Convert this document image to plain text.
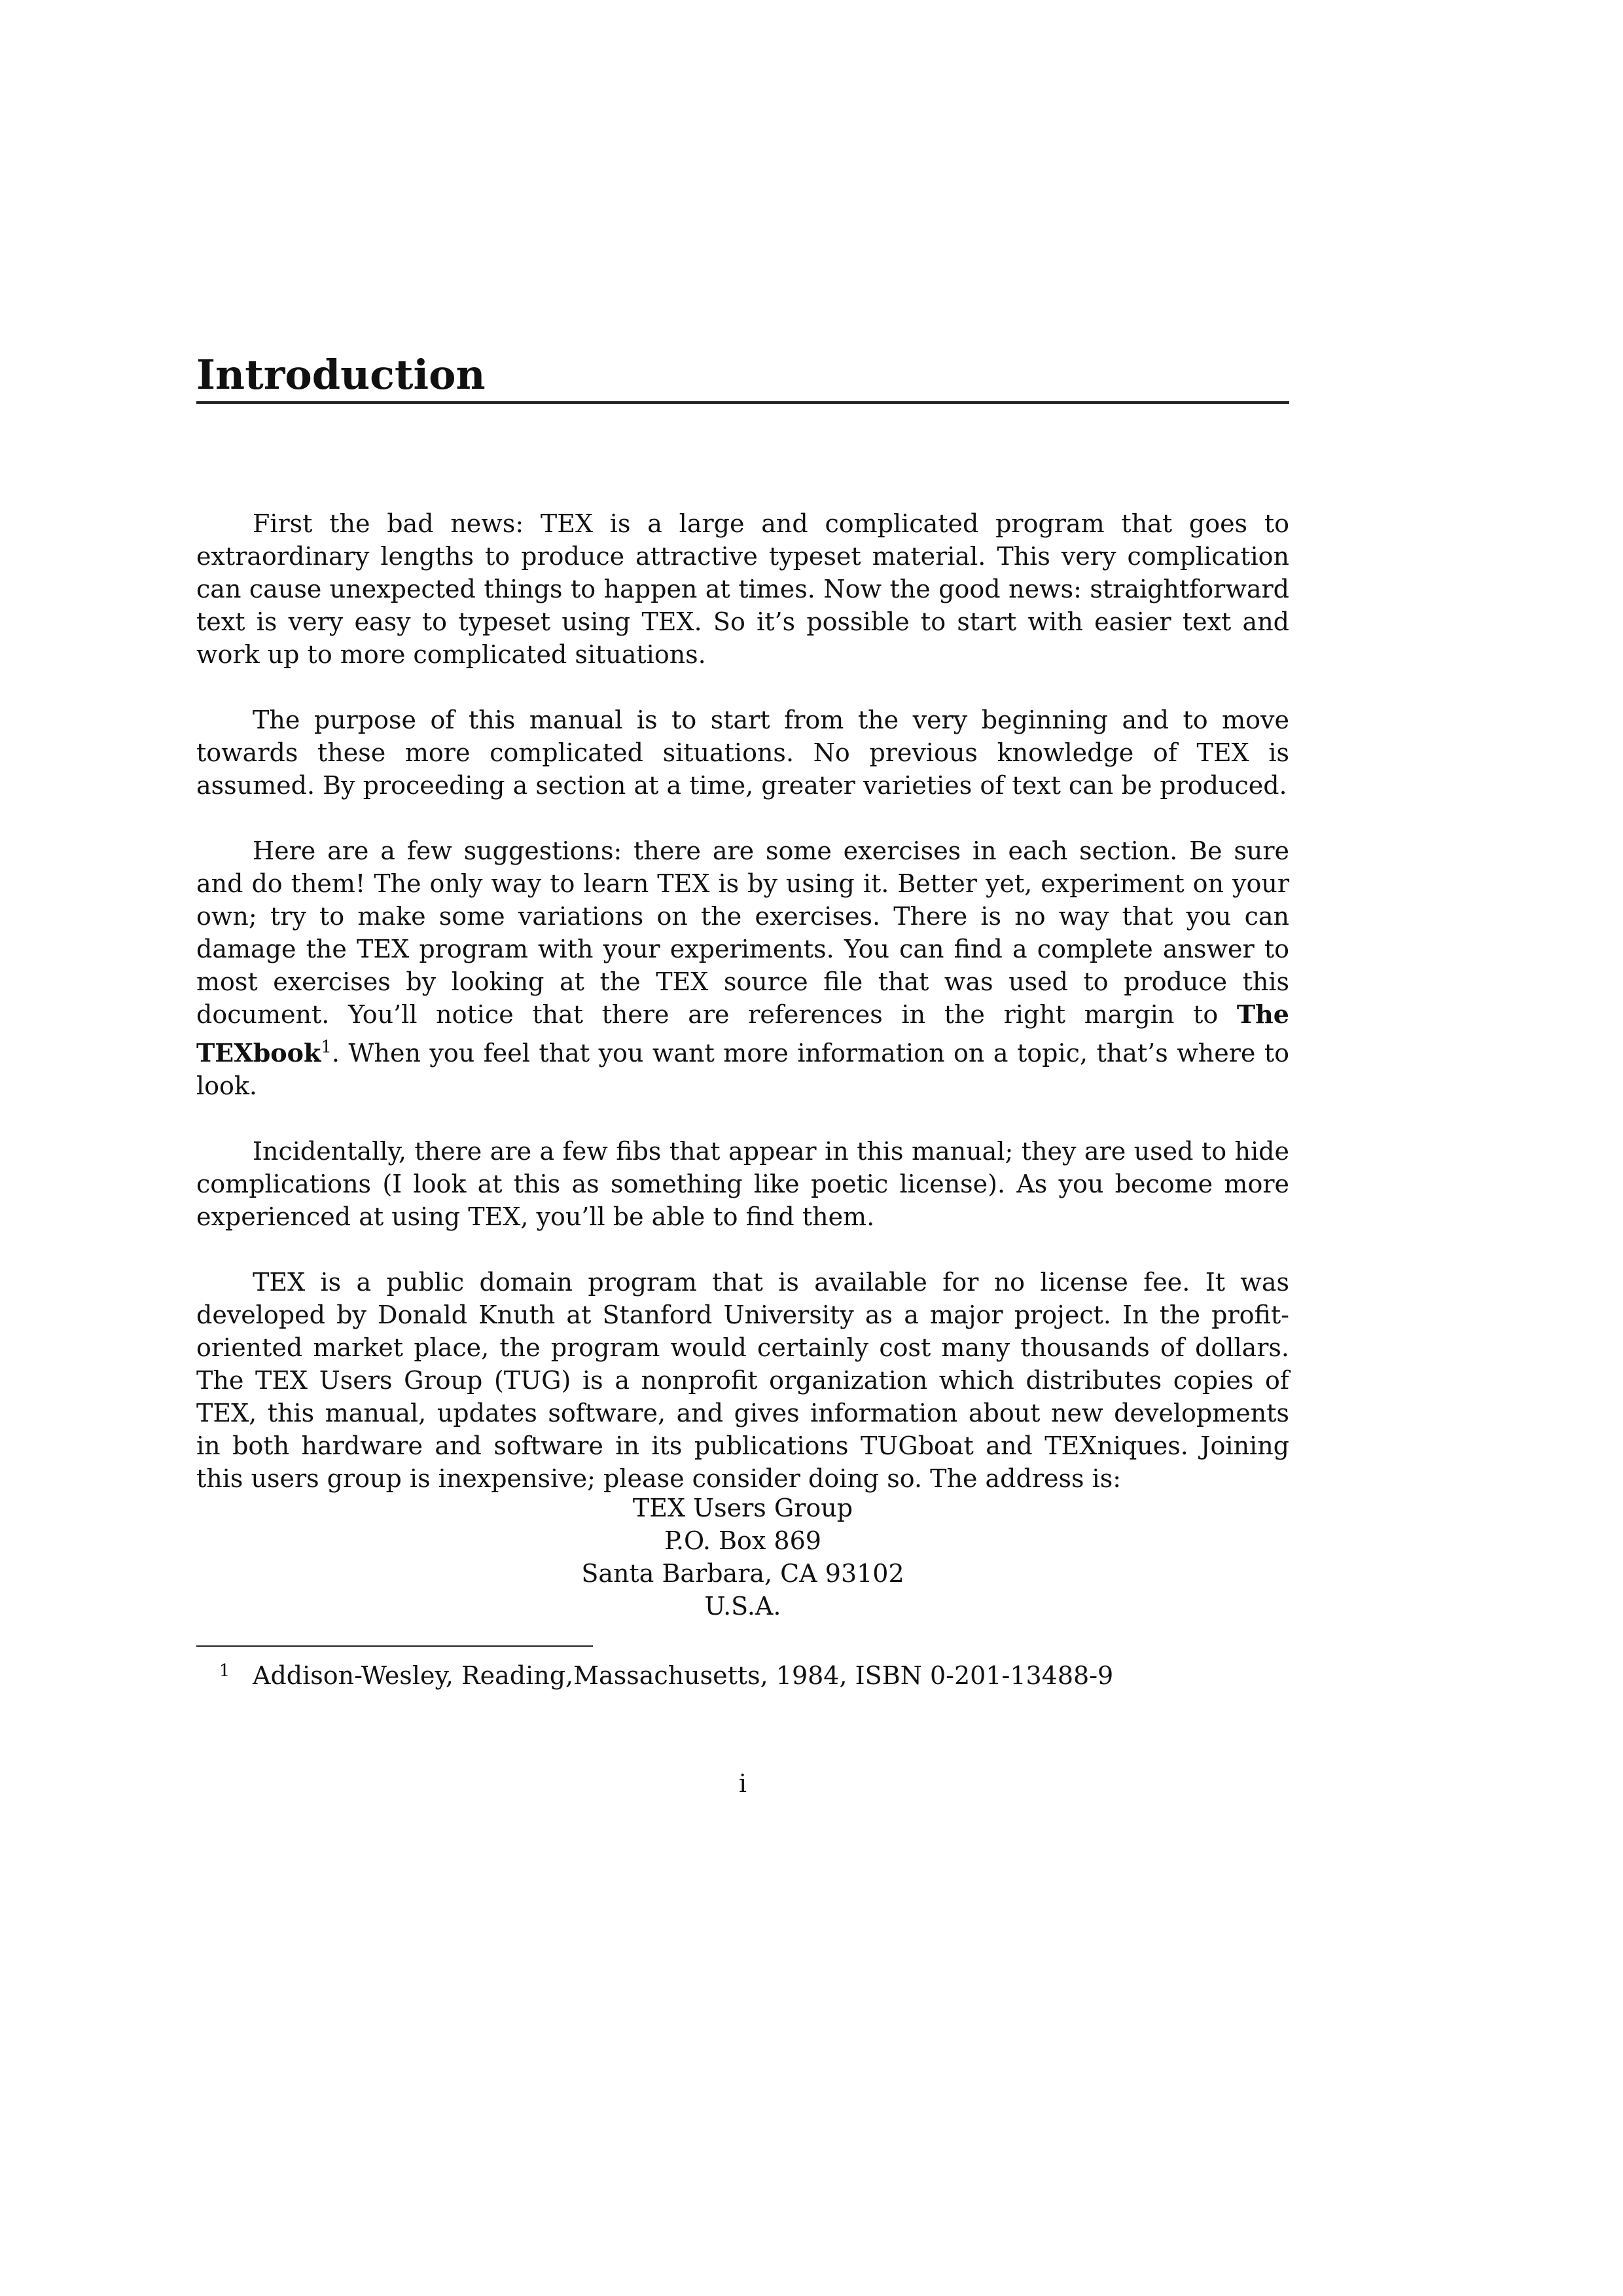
Introduction

First the bad news: TEX is a large and complicated program that goes to extraordinary lengths to produce attractive typeset material. This very complication can cause unexpected things to happen at times. Now the good news: straightforward text is very easy to typeset using TEX. So it’s possible to start with easier text and work up to more complicated situations.

The purpose of this manual is to start from the very beginning and to move towards these more complicated situations. No previous knowledge of TEX is assumed. By proceeding a section at a time, greater varieties of text can be produced.

Here are a few suggestions: there are some exercises in each section. Be sure and do them! The only way to learn TEX is by using it. Better yet, experiment on your own; try to make some variations on the exercises. There is no way that you can damage the TEX program with your experiments. You can find a complete answer to most exercises by looking at the TEX source file that was used to produce this document. You’ll notice that there are references in the right margin to The TEXbook$^1$. When you feel that you want more information on a topic, that’s where to look.

Incidentally, there are a few fibs that appear in this manual; they are used to hide complications (I look at this as something like poetic license). As you become more experienced at using TEX, you’ll be able to find them.

TEX is a public domain program that is available for no license fee. It was developed by Donald Knuth at Stanford University as a major project. In the profit-oriented market place, the program would certainly cost many thousands of dollars. The TEX Users Group (TUG) is a nonprofit organization which distributes copies of TEX, this manual, updates software, and gives information about new developments in both hardware and software in its publications TUGboat and TEXniques. Joining this users group is inexpensive; please consider doing so. The address is:

TEX Users Group
P.O. Box 869
Santa Barbara, CA 93102
U.S.A.
1 Addison-Wesley, Reading,Massachusetts, 1984, ISBN 0-201-13488-9
i
